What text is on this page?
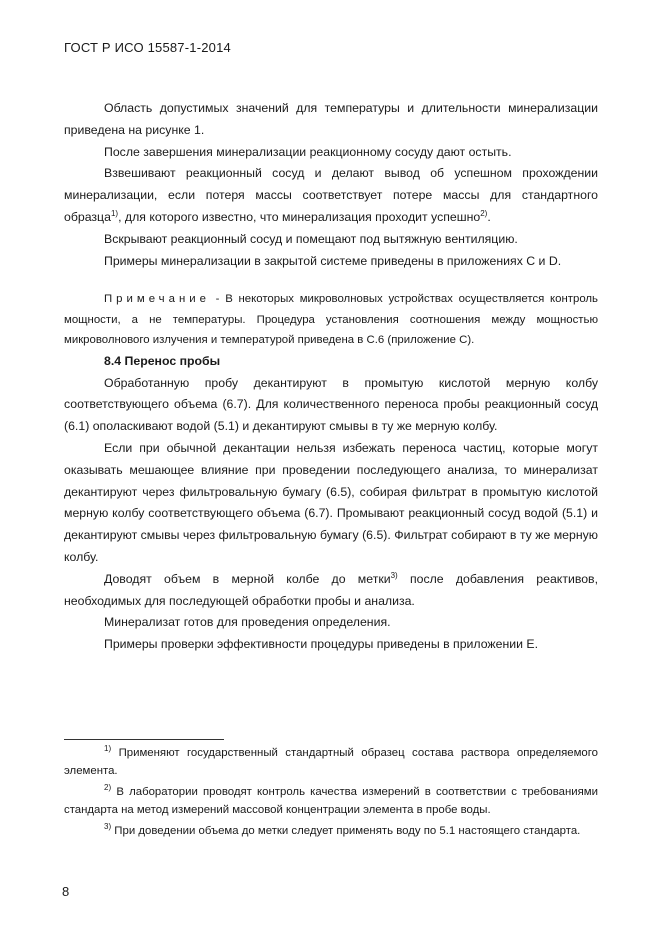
ГОСТ Р ИСО 15587-1-2014

Область допустимых значений для температуры и длительности минерализации приведена на рисунке 1.

После завершения минерализации реакционному сосуду дают остыть.

Взвешивают реакционный сосуд и делают вывод об успешном прохождении минерализации, если потеря массы соответствует потере массы для стандартного образца$^{1)}$, для которого известно, что минерализация проходит успешно$^{2)}$.

Вскрывают реакционный сосуд и помещают под вытяжную вентиляцию.

Примеры минерализации в закрытой системе приведены в приложениях C и D.

Примечание - В некоторых микроволновых устройствах осуществляется контроль мощности, а не температуры. Процедура установления соотношения между мощностью микроволнового излучения и температурой приведена в C.6 (приложение C).

8.4 Перенос пробы

Обработанную пробу декантируют в промытую кислотой мерную колбу соответствующего объема (6.7). Для количественного переноса пробы реакционный сосуд (6.1) ополаскивают водой (5.1) и декантируют смывы в ту же мерную колбу.

Если при обычной декантации нельзя избежать переноса частиц, которые могут оказывать мешающее влияние при проведении последующего анализа, то минерализат декантируют через фильтровальную бумагу (6.5), собирая фильтрат в промытую кислотой мерную колбу соответствующего объема (6.7). Промывают реакционный сосуд водой (5.1) и декантируют смывы через фильтровальную бумагу (6.5). Фильтрат собирают в ту же мерную колбу.

Доводят объем в мерной колбе до метки$^{3)}$ после добавления реактивов, необходимых для последующей обработки пробы и анализа.

Минерализат готов для проведения определения.

Примеры проверки эффективности процедуры приведены в приложении E.

$^{1)}$ Применяют государственный стандартный образец состава раствора определяемого элемента.

$^{2)}$ В лаборатории проводят контроль качества измерений в соответствии с требованиями стандарта на метод измерений массовой концентрации элемента в пробе воды.

$^{3)}$ При доведении объема до метки следует применять воду по 5.1 настоящего стандарта.

8
